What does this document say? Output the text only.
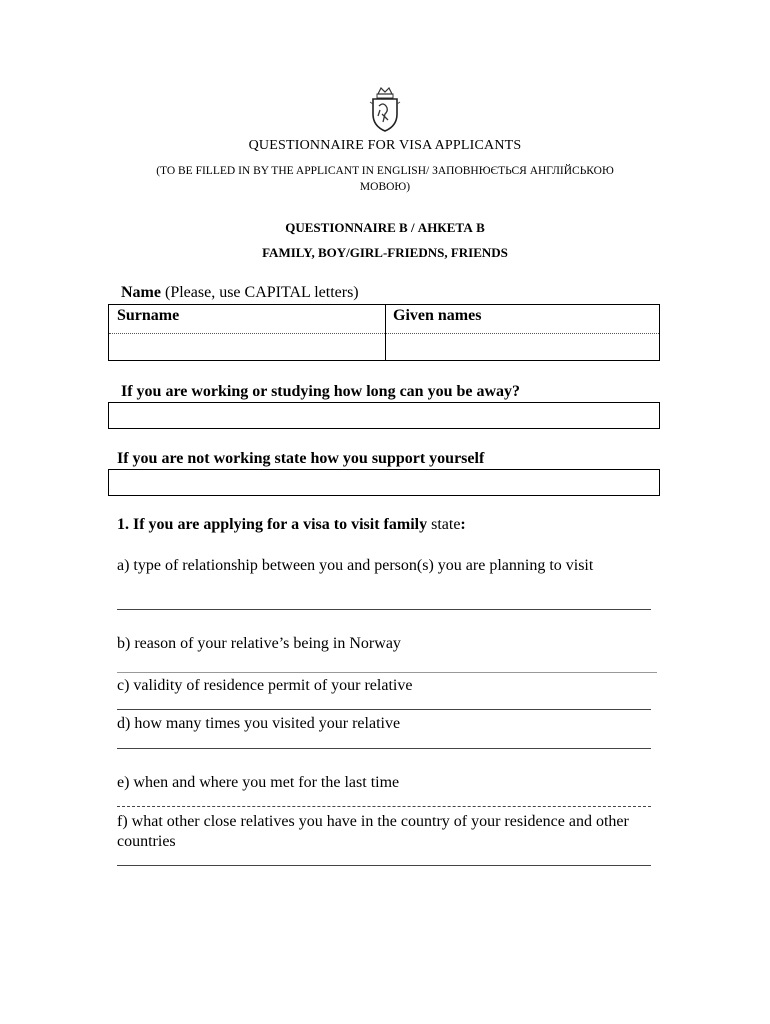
QUESTIONNAIRE FOR VISA APPLICANTS
(TO BE FILLED IN BY THE APPLICANT IN ENGLISH/ ЗАПОВНЮЄТЬСЯ АНГЛІЙСЬКОЮ
МОВОЮ)
QUESTIONNAIRE B / АНКЕТА B
FAMILY, BOY/GIRL-FRIEDNS, FRIENDS
Name (Please, use CAPITAL letters)
Surname	Given names
If you are working or studying how long can you be away?
If you are not working state how you support yourself
1. If you are applying for a visa to visit family state:
a) type of relationship between you and person(s) you are planning to visit
b) reason of your relative’s being in Norway
c) validity of residence permit of your relative
d) how many times you visited your relative
e) when and where you met for the last time
f) what other close relatives you have in the country of your residence and other countries
